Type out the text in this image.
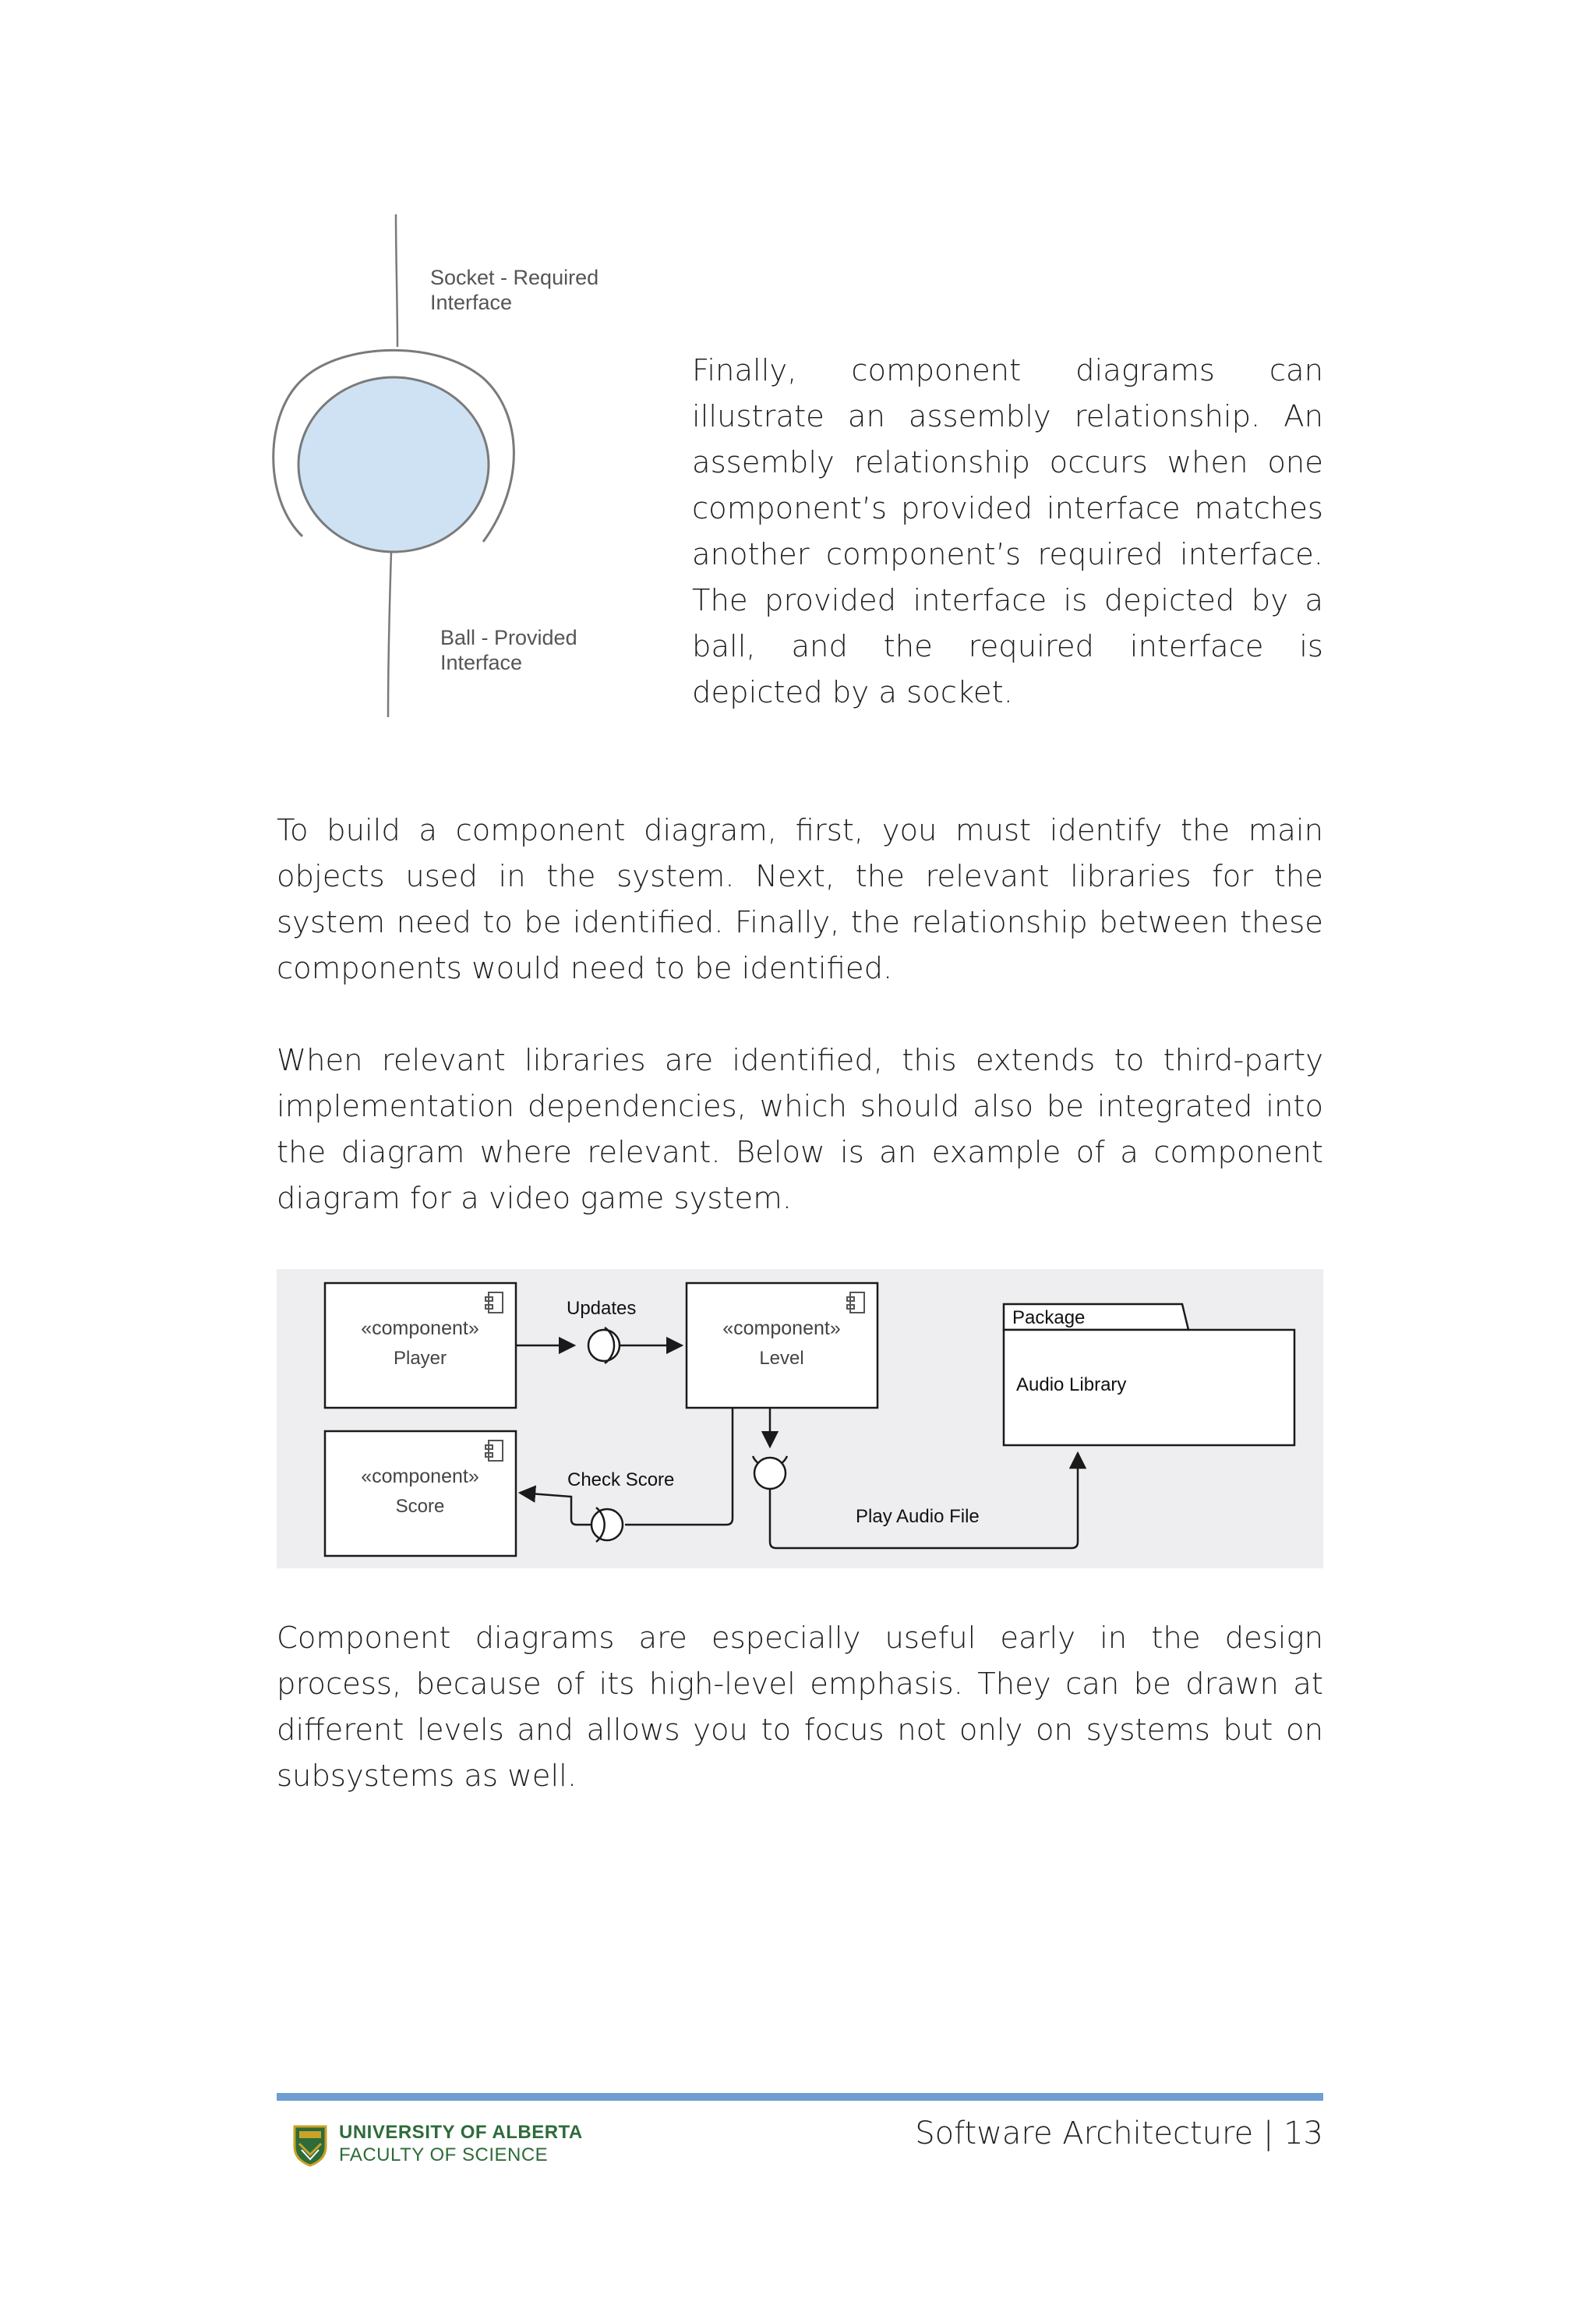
Socket - Required
Interface
Ball - Provided
Interface

Finally, component diagrams can illustrate an assembly relationship. An assembly relationship occurs when one component’s provided interface matches another component’s required interface. The provided interface is depicted by a ball, and the required interface is depicted by a socket.

To build a component diagram, first, you must identify the main objects used in the system. Next, the relevant libraries for the system need to be identified. Finally, the relationship between these components would need to be identified.

When relevant libraries are identified, this extends to third-party implementation dependencies, which should also be integrated into the diagram where relevant. Below is an example of a component diagram for a video game system.

«component»
Player
«component»
Level
«component»
Score
Package
Audio Library
Updates
Check Score
Play Audio File

Component diagrams are especially useful early in the design process, because of its high-level emphasis. They can be drawn at different levels and allows you to focus not only on systems but on subsystems as well.

UNIVERSITY OF ALBERTA
FACULTY OF SCIENCE
Software Architecture | 13
